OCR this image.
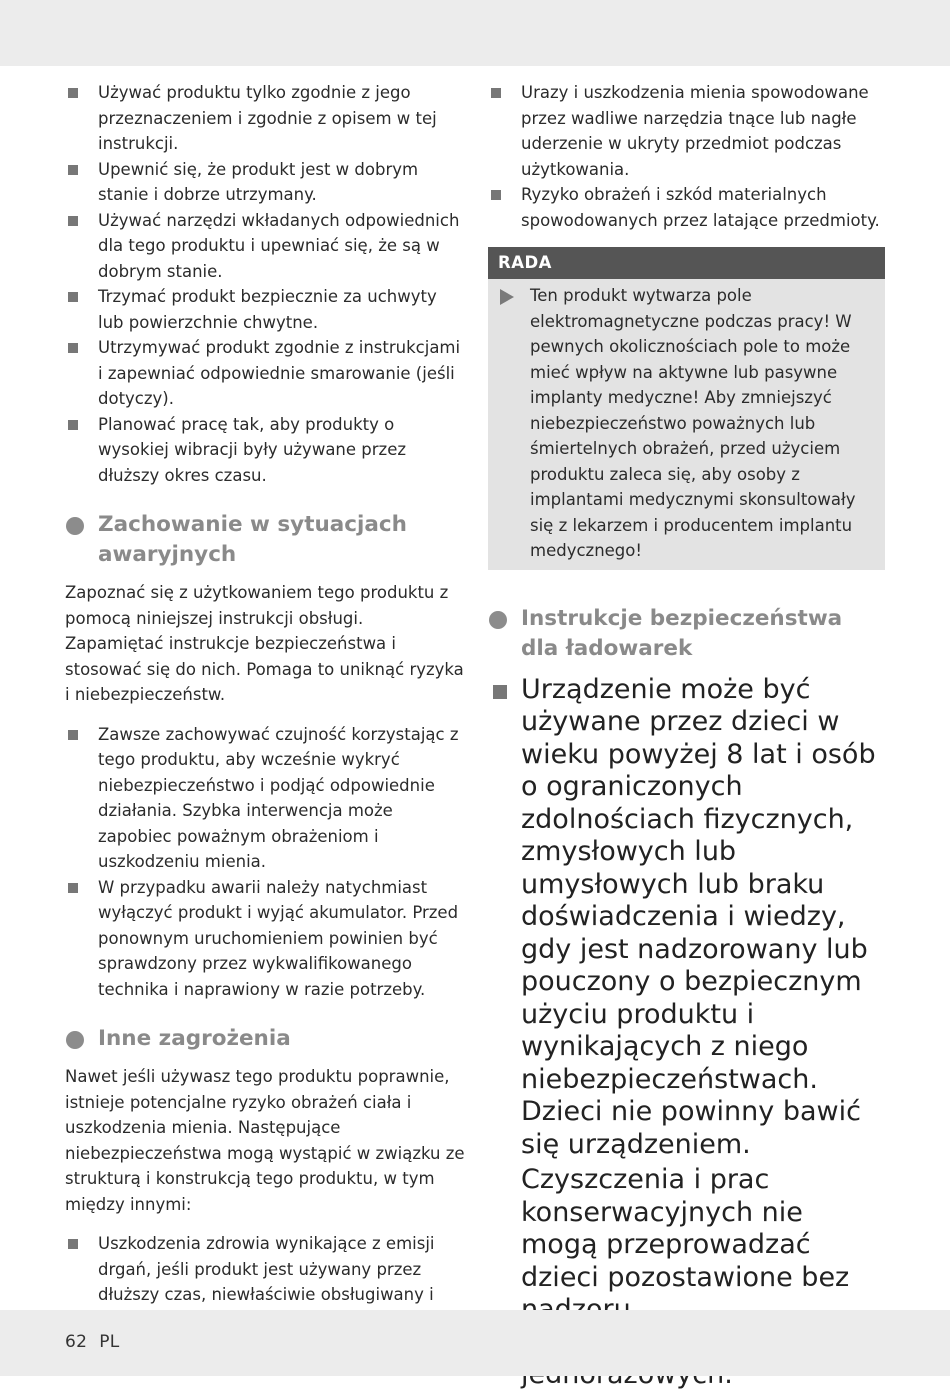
Używać produktu tylko zgodnie z jego przeznaczeniem i zgodnie z opisem w tej instrukcji.
Upewnić się, że produkt jest w dobrym stanie i dobrze utrzymany.
Używać narzędzi wkładanych odpowiednich dla tego produktu i upewniać się, że są w dobrym stanie.
Trzymać produkt bezpiecznie za uchwyty lub powierzchnie chwytne.
Utrzymywać produkt zgodnie z instrukcjami i zapewniać odpowiednie smarowanie (jeśli dotyczy).
Planować pracę tak, aby produkty o wysokiej wibracji były używane przez dłuższy okres czasu.
Zachowanie w sytuacjach awaryjnych

Zapoznać się z użytkowaniem tego produktu z pomocą niniejszej instrukcji obsługi. Zapamiętać instrukcje bezpieczeństwa i stosować się do nich. Pomaga to uniknąć ryzyka i niebezpieczeństw.

Zawsze zachowywać czujność korzystając z tego produktu, aby wcześnie wykryć niebezpieczeństwo i podjąć odpowiednie działania. Szybka interwencja może zapobiec poważnym obrażeniom i uszkodzeniu mienia.
W przypadku awarii należy natychmiast wyłączyć produkt i wyjąć akumulator. Przed ponownym uruchomieniem powinien być sprawdzony przez wykwalifikowanego technika i naprawiony w razie potrzeby.
Inne zagrożenia

Nawet jeśli używasz tego produktu poprawnie, istnieje potencjalne ryzyko obrażeń ciała i uszkodzenia mienia. Następujące niebezpieczeństwa mogą wystąpić w związku ze strukturą i konstrukcją tego produktu, w tym między innymi:

Uszkodzenia zdrowia wynikające z emisji drgań, jeśli produkt jest używany przez dłuższy czas, niewłaściwie obsługiwany i
Urazy i uszkodzenia mienia spowodowane przez wadliwe narzędzia tnące lub nagłe uderzenie w ukryty przedmiot podczas użytkowania.
Ryzyko obrażeń i szkód materialnych spowodowanych przez latające przedmioty.
RADA
Ten produkt wytwarza pole elektromagnetyczne podczas pracy! W pewnych okolicznościach pole to może mieć wpływ na aktywne lub pasywne implanty medyczne! Aby zmniejszyć niebezpieczeństwo poważnych lub śmiertelnych obrażeń, przed użyciem produktu zaleca się, aby osoby z implantami medycznymi skonsultowały się z lekarzem i producentem implantu medycznego!
Instrukcje bezpieczeństwa dla ładowarek
Urządzenie może być używane przez dzieci w wieku powyżej 8 lat i osób o ograniczonych zdolnościach fizycznych, zmysłowych lub umysłowych lub braku doświadczenia i wiedzy, gdy jest nadzorowany lub pouczony o bezpiecznym użyciu produktu i wynikających z niego niebezpieczeństwach. Dzieci nie powinny bawić się urządzeniem.
Czyszczenia i prac konserwacyjnych nie mogą przeprowadzać dzieci pozostawione bez
62 PL
